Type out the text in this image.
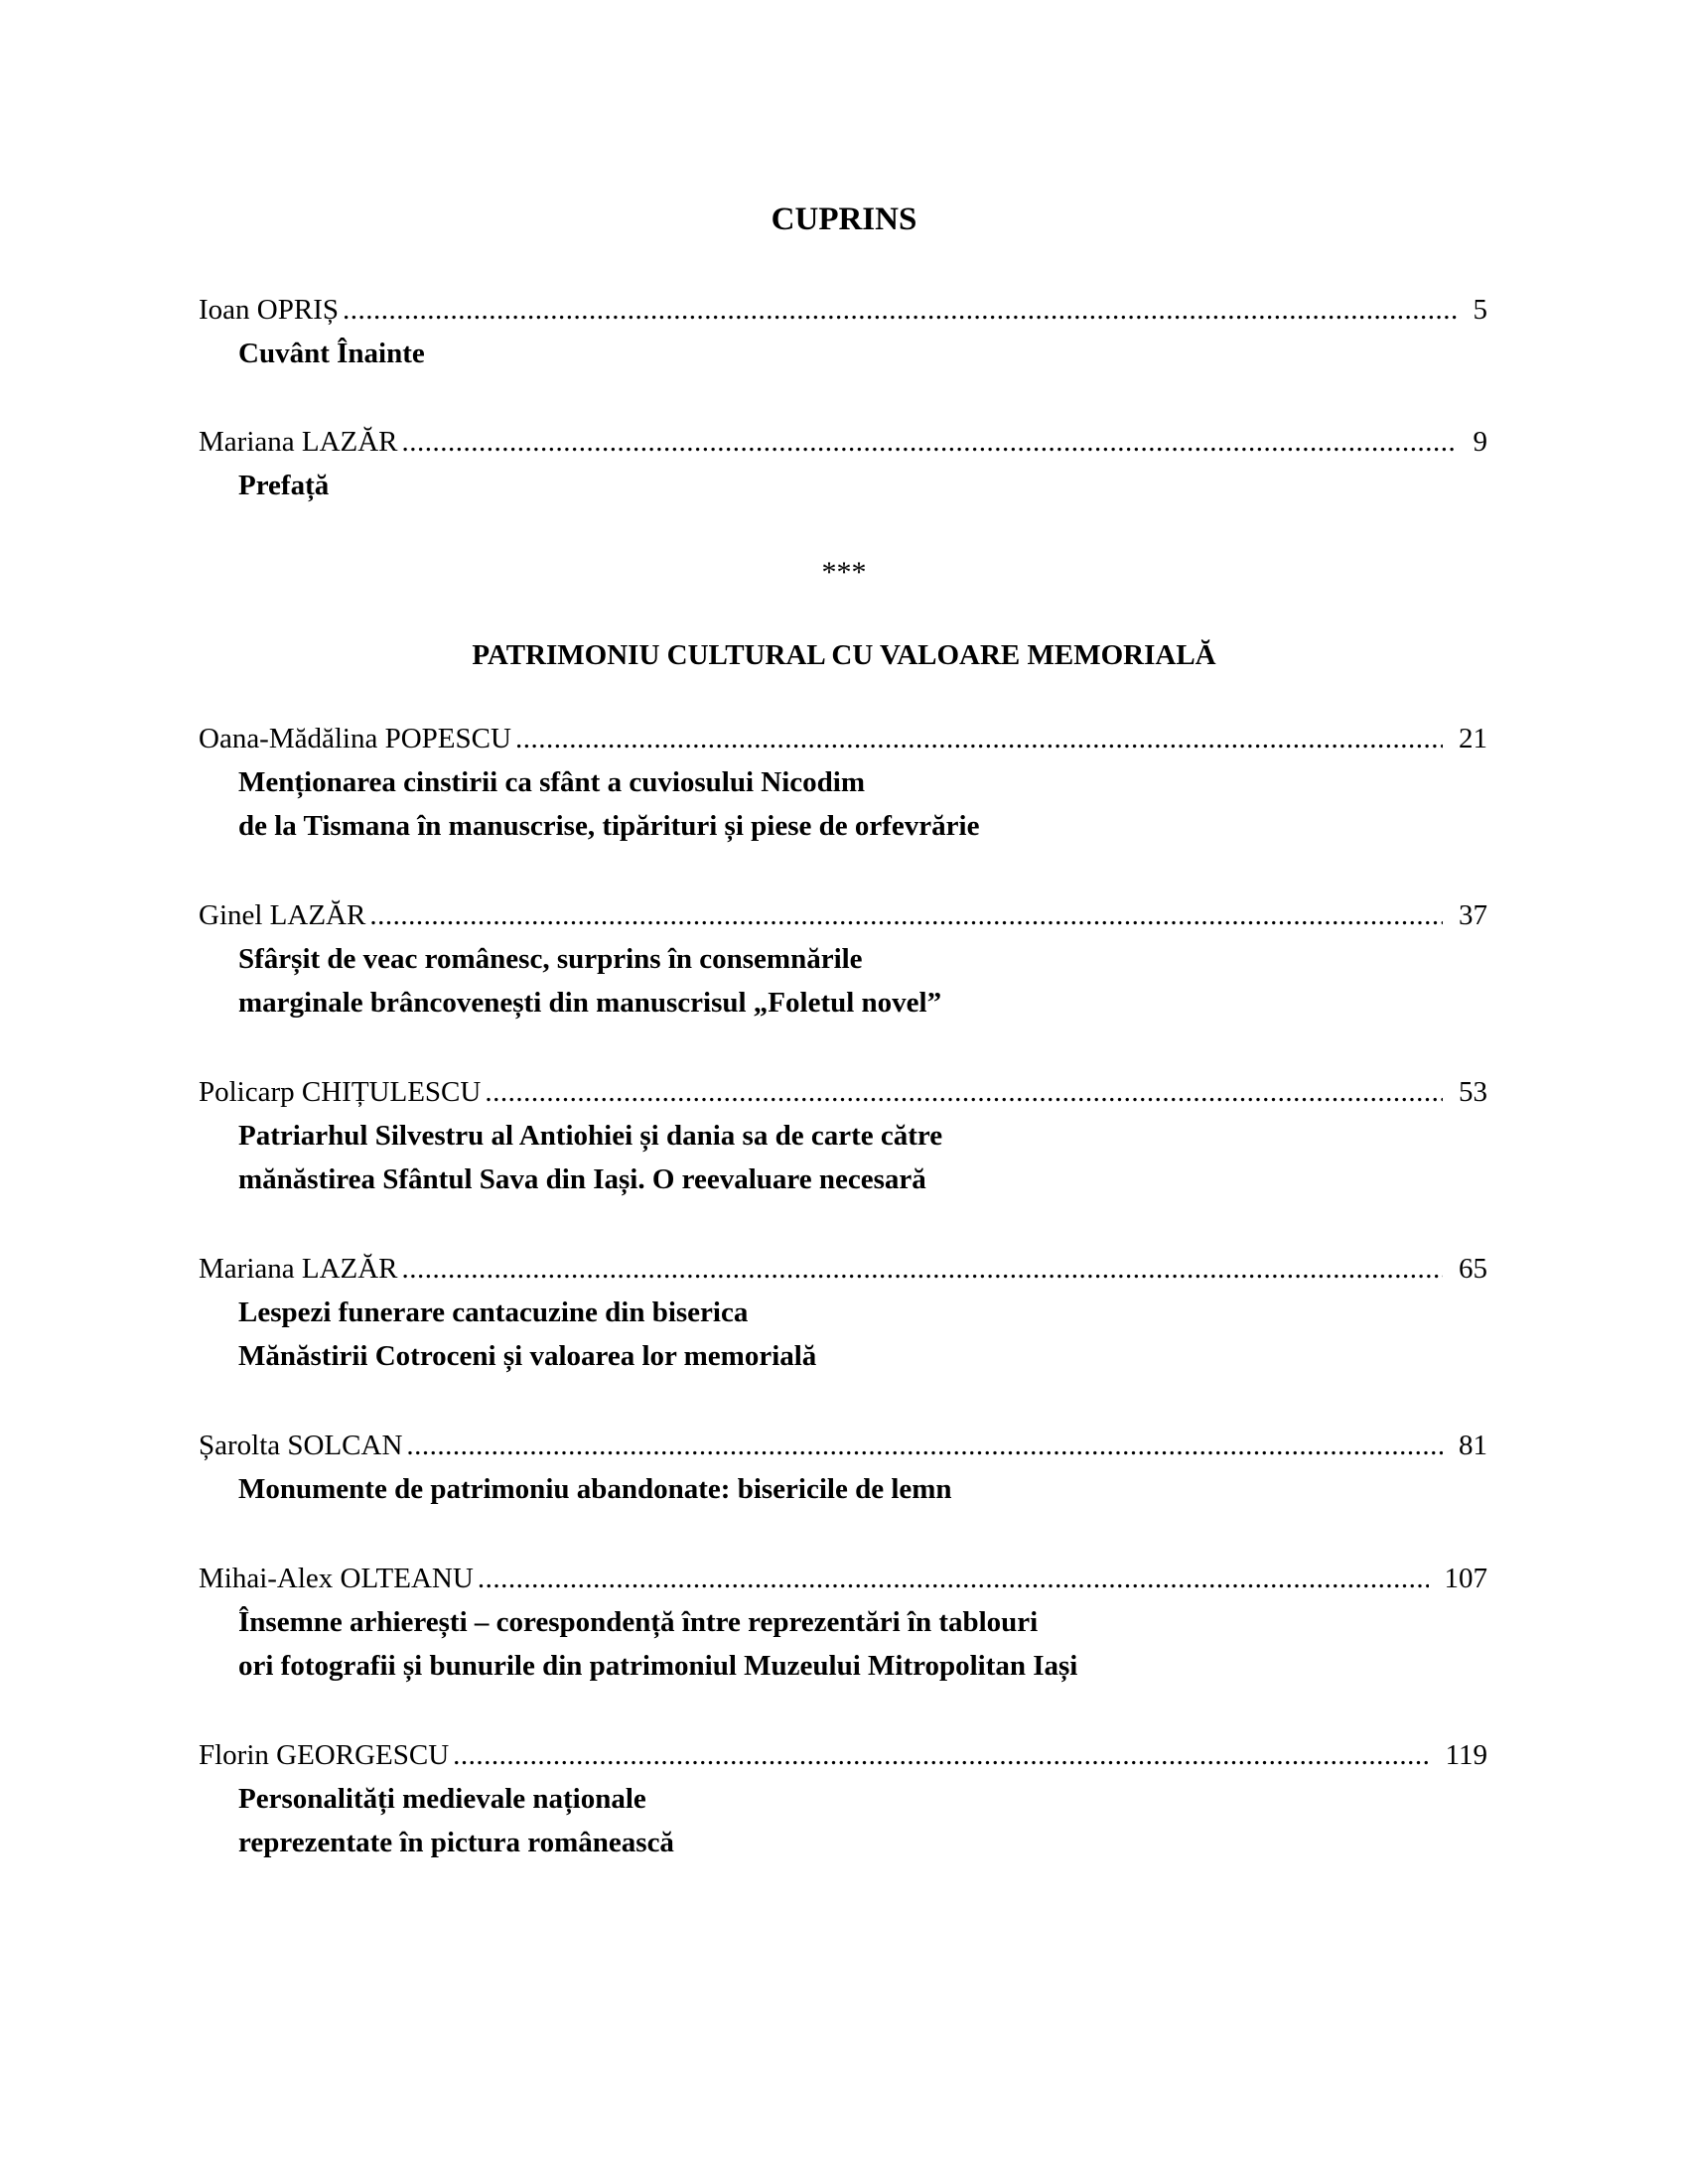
CUPRINS
Ioan OPRIȘ .....	5
Cuvânt Înainte
Mariana LAZĂR .....	9
Prefață
***
PATRIMONIU CULTURAL CU VALOARE MEMORIALĂ
Oana-Mădălina POPESCU .....	21
Menționarea cinstirii ca sfânt a cuviosului Nicodim
de la Tismana în manuscrise, tipărituri și piese de orfevrărie
Ginel LAZĂR .....	37
Sfârșit de veac românesc, surprins în consemnările
marginale brâncovenești din manuscrisul „Foletul novel”
Policarp CHIȚULESCU .....	53
Patriarhul Silvestru al Antiohiei și dania sa de carte către
mănăstirea Sfântul Sava din Iași. O reevaluare necesară
Mariana LAZĂR .....	65
Lespezi funerare cantacuzine din biserica
Mănăstirii Cotroceni și valoarea lor memorială
Șarolta SOLCAN .....	81
Monumente de patrimoniu abandonate: bisericile de lemn
Mihai-Alex OLTEANU .....	107
Însemne arhierești – corespondență între reprezentări în tablouri
ori fotografii și bunurile din patrimoniul Muzeului Mitropolitan Iași
Florin GEORGESCU .....	119
Personalități medievale naționale
reprezentate în pictura românească
